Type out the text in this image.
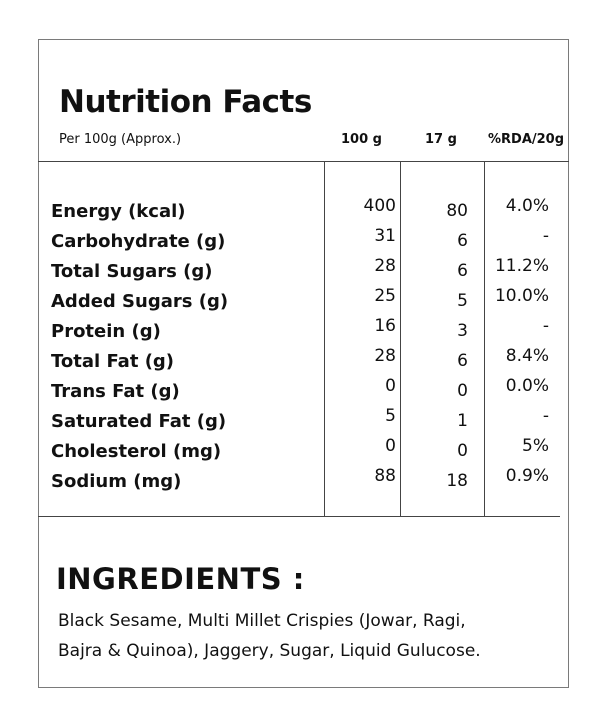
Nutrition Facts
Per 100g (Approx.)	100 g	17 g %RDA/20g
Energy (kcal)	400	80 4.0%
Carbohydrate (g)	31	6	-
Total Sugars (g)	28	6 11.2%
Added Sugars (g)	25	5 10.0%
Protein (g)	16	3	-
Total Fat (g)	28	6 8.4%
Trans Fat (g)	0	0 0.0%
Saturated Fat (g)	5	1	-
Cholesterol (mg)	0	0	5%
Sodium (mg)	88	18 0.9%
INGREDIENTS :
Black Sesame, Multi Millet Crispies (Jowar, Ragi,
Bajra & Quinoa), Jaggery, Sugar, Liquid Gulucose.
